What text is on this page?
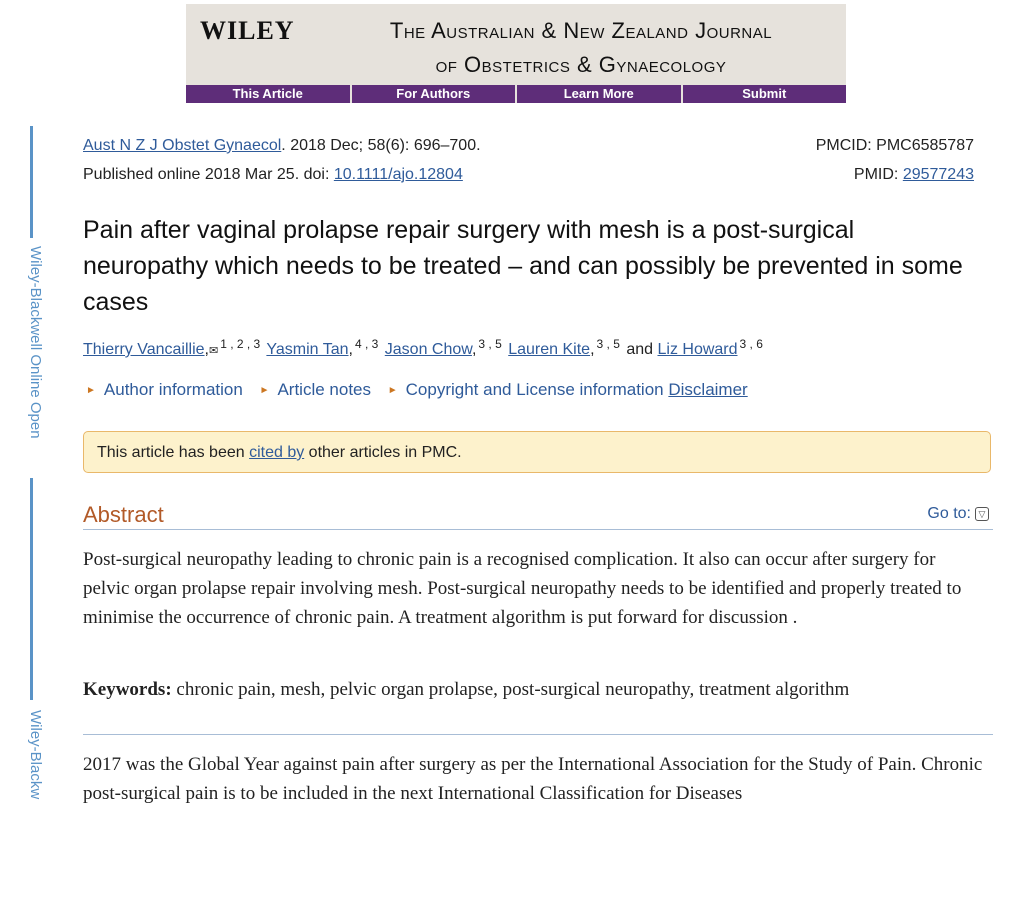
WILEY	The Australian & New Zealand Journal
of Obstetrics & Gynaecology
This Article	For Authors	Learn More	Submit
Wiley-Blackwell Online Open
Wiley-Blackw
Aust N Z J Obstet Gynaecol. 2018 Dec; 58(6): 696–700.
Published online 2018 Mar 25. doi: 10.1111/ajo.12804
PMCID: PMC6585787
PMID: 29577243
Pain after vaginal prolapse repair surgery with mesh is a post-surgical neuropathy which needs to be treated – and can possibly be prevented in some cases
Thierry Vancaillie,✉ $^{1 , 2 , 3}$ Yasmin Tan, $^{4 , 3}$ Jason Chow, $^{3 , 5}$ Lauren Kite, $^{3 , 5}$ and Liz Howard $^{3 , 6}$
► Author information ► Article notes ► Copyright and License information Disclaimer
This article has been cited by other articles in PMC.
Abstract	Go to: ▽
Post-surgical neuropathy leading to chronic pain is a recognised complication. It also can occur after surgery for pelvic organ prolapse repair involving mesh. Post-surgical neuropathy needs to be identified and properly treated to minimise the occurrence of chronic pain. A treatment algorithm is put forward for discussion .
Keywords: chronic pain, mesh, pelvic organ prolapse, post-surgical neuropathy, treatment algorithm
2017 was the Global Year against pain after surgery as per the International Association for the Study of Pain. Chronic post-surgical pain is to be included in the next International Classification for Diseases
